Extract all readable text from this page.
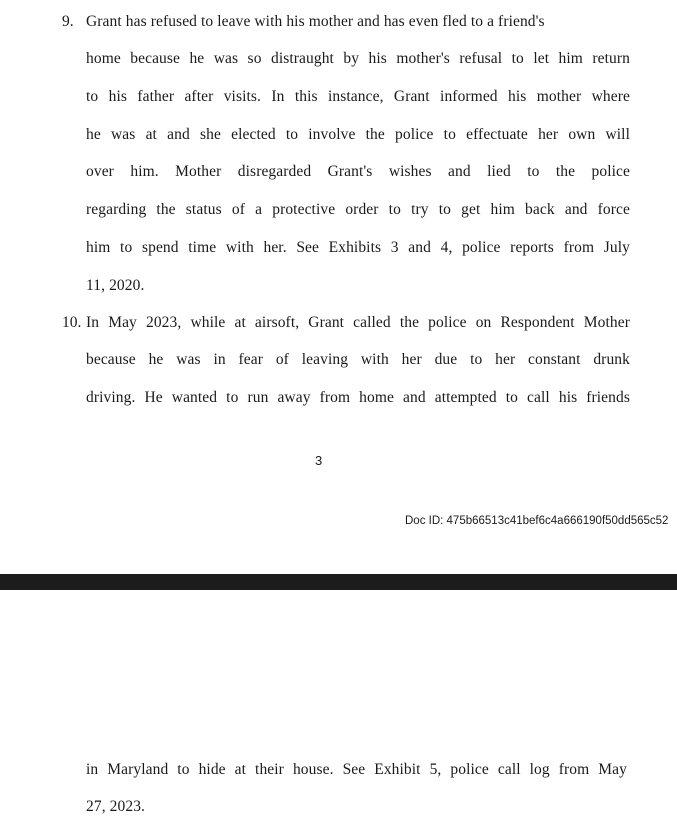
9. Grant has refused to leave with his mother and has even fled to a friend's
home because he was so distraught by his mother's refusal to let him return
to his father after visits. In this instance, Grant informed his mother where
he was at and she elected to involve the police to effectuate her own will
over him. Mother disregarded Grant's wishes and lied to the police
regarding the status of a protective order to try to get him back and force
him to spend time with her. See Exhibits 3 and 4, police reports from July
11, 2020.
10. In May 2023, while at airsoft, Grant called the police on Respondent Mother
because he was in fear of leaving with her due to her constant drunk
driving. He wanted to run away from home and attempted to call his friends
3
Doc ID: 475b66513c41bef6c4a666190f50dd565c52
in Maryland to hide at their house. See Exhibit 5, police call log from May
27, 2023.
